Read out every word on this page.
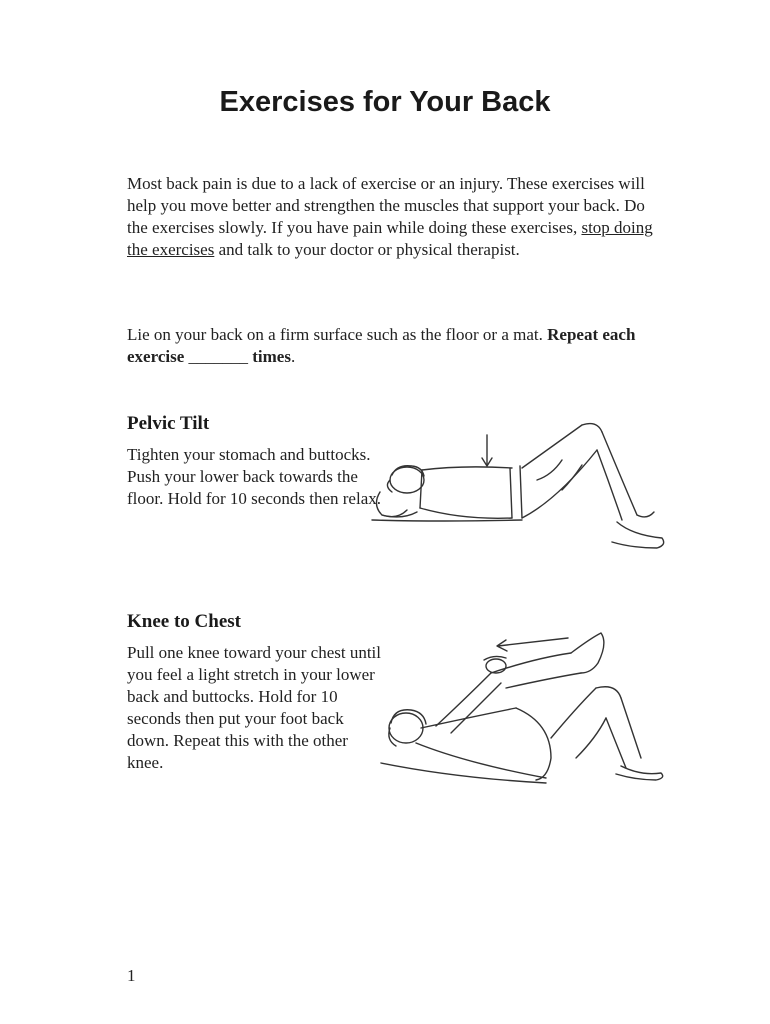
Exercises for Your Back

Most back pain is due to a lack of exercise or an injury. These exercises will help you move better and strengthen the muscles that support your back. Do the exercises slowly. If you have pain while doing these exercises, stop doing the exercises and talk to your doctor or physical therapist.

Lie on your back on a firm surface such as the floor or a mat. Repeat each exercise _______ times.

Pelvic Tilt

Tighten your stomach and buttocks. Push your lower back towards the floor. Hold for 10 seconds then relax.

Knee to Chest

Pull one knee toward your chest until you feel a light stretch in your lower back and buttocks. Hold for 10 seconds then put your foot back down. Repeat this with the other knee.

1
